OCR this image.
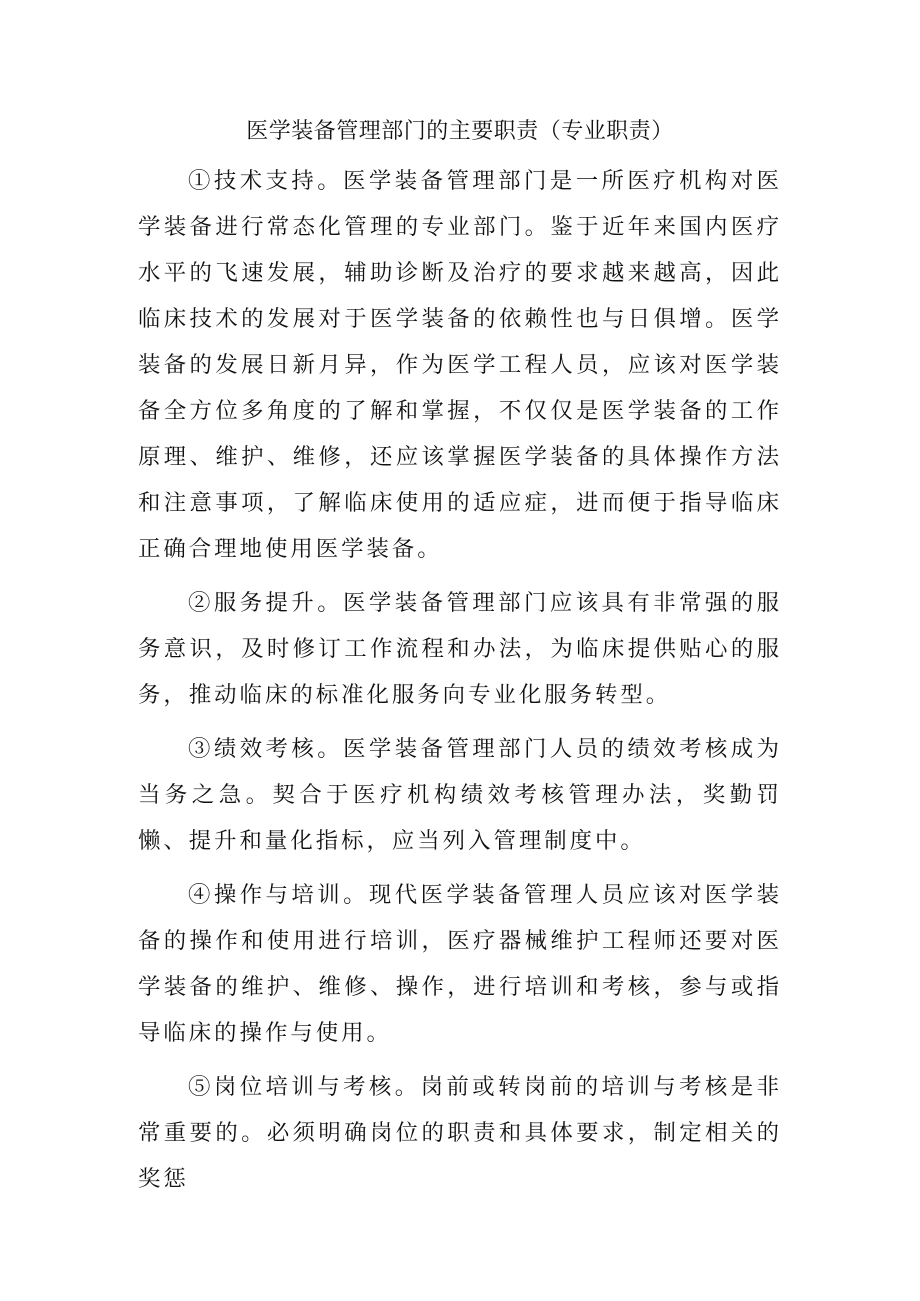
医学装备管理部门的主要职责（专业职责）

①技术支持。医学装备管理部门是一所医疗机构对医学装备进行常态化管理的专业部门。鉴于近年来国内医疗水平的飞速发展，辅助诊断及治疗的要求越来越高，因此临床技术的发展对于医学装备的依赖性也与日俱增。医学装备的发展日新月异，作为医学工程人员，应该对医学装备全方位多角度的了解和掌握，不仅仅是医学装备的工作原理、维护、维修，还应该掌握医学装备的具体操作方法和注意事项，了解临床使用的适应症，进而便于指导临床正确合理地使用医学装备。

②服务提升。医学装备管理部门应该具有非常强的服务意识，及时修订工作流程和办法，为临床提供贴心的服务，推动临床的标准化服务向专业化服务转型。

③绩效考核。医学装备管理部门人员的绩效考核成为当务之急。契合于医疗机构绩效考核管理办法，奖勤罚懒、提升和量化指标，应当列入管理制度中。

④操作与培训。现代医学装备管理人员应该对医学装备的操作和使用进行培训，医疗器械维护工程师还要对医学装备的维护、维修、操作，进行培训和考核，参与或指导临床的操作与使用。

⑤岗位培训与考核。岗前或转岗前的培训与考核是非常重要的。必须明确岗位的职责和具体要求，制定相关的奖惩
